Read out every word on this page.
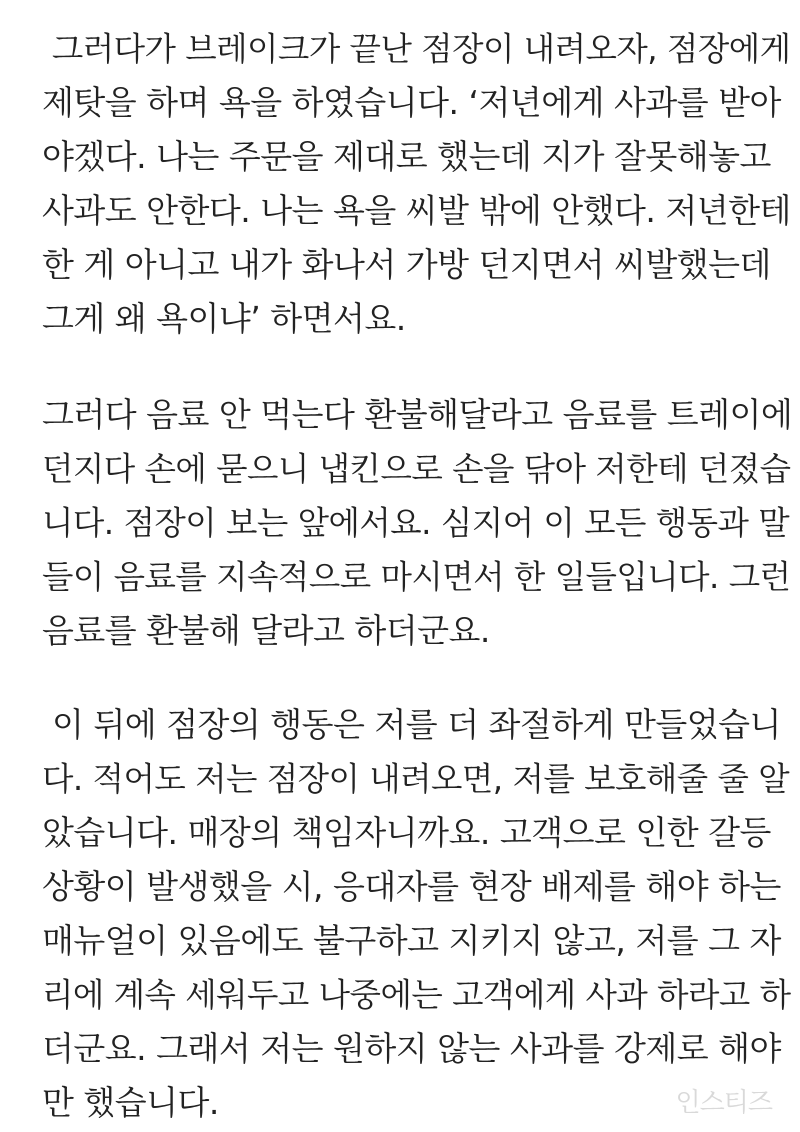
그러다가 브레이크가 끝난 점장이 내려오자, 점장에게
제탓을 하며 욕을 하였습니다. ‘저년에게 사과를 받아
야겠다. 나는 주문을 제대로 했는데 지가 잘못해놓고
사과도 안한다. 나는 욕을 씨발 밖에 안했다. 저년한테
한 게 아니고 내가 화나서 가방 던지면서 씨발했는데
그게 왜 욕이냐’ 하면서요.
그러다 음료 안 먹는다 환불해달라고 음료를 트레이에
던지다 손에 묻으니 냅킨으로 손을 닦아 저한테 던졌습
니다. 점장이 보는 앞에서요. 심지어 이 모든 행동과 말
들이 음료를 지속적으로 마시면서 한 일들입니다. 그런
음료를 환불해 달라고 하더군요.
이 뒤에 점장의 행동은 저를 더 좌절하게 만들었습니
다. 적어도 저는 점장이 내려오면, 저를 보호해줄 줄 알
았습니다. 매장의 책임자니까요. 고객으로 인한 갈등
상황이 발생했을 시, 응대자를 현장 배제를 해야 하는
매뉴얼이 있음에도 불구하고 지키지 않고, 저를 그 자
리에 계속 세워두고 나중에는 고객에게 사과 하라고 하
더군요. 그래서 저는 원하지 않는 사과를 강제로 해야
만 했습니다.	인스티즈
